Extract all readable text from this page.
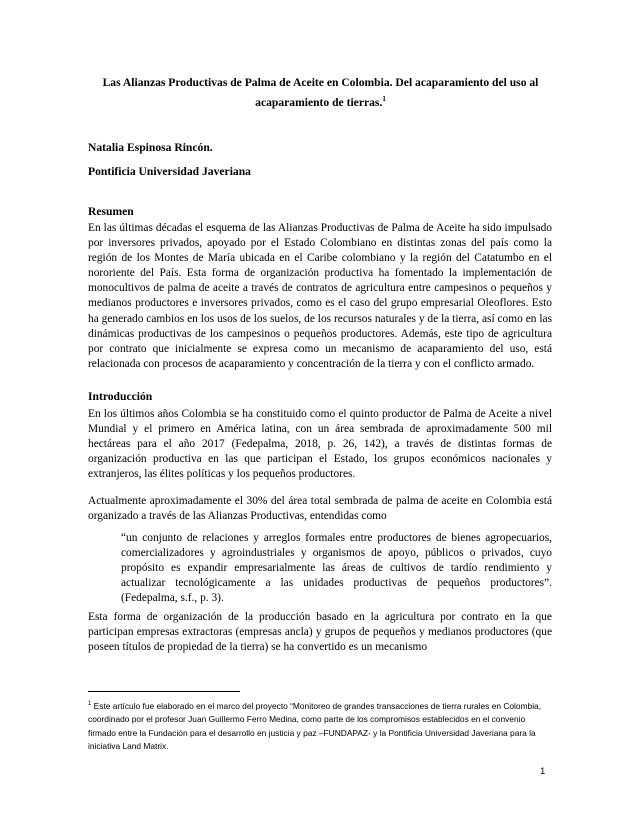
Las Alianzas Productivas de Palma de Aceite en Colombia. Del acaparamiento del uso al acaparamiento de tierras.$^1$
Natalia Espinosa Rincón.
Pontificia Universidad Javeriana
Resumen
En las últimas décadas el esquema de las Alianzas Productivas de Palma de Aceite ha sido impulsado por inversores privados, apoyado por el Estado Colombiano en distintas zonas del país como la región de los Montes de María ubicada en el Caribe colombiano y la región del Catatumbo en el nororiente del País. Esta forma de organización productiva ha fomentado la implementación de monocultivos de palma de aceite a través de contratos de agricultura entre campesinos o pequeños y medianos productores e inversores privados, como es el caso del grupo empresarial Oleoflores. Esto ha generado cambios en los usos de los suelos, de los recursos naturales y de la tierra, así como en las dinámicas productivas de los campesinos o pequeños productores. Además, este tipo de agricultura por contrato que inicialmente se expresa como un mecanismo de acaparamiento del uso, está relacionada con procesos de acaparamiento y concentración de la tierra y con el conflicto armado.
Introducción
En los últimos años Colombia se ha constituido como el quinto productor de Palma de Aceite a nivel Mundial y el primero en América latina, con un área sembrada de aproximadamente 500 mil hectáreas para el año 2017 (Fedepalma, 2018, p. 26, 142), a través de distintas formas de organización productiva en las que participan el Estado, los grupos económicos nacionales y extranjeros, las élites políticas y los pequeños productores.
Actualmente aproximadamente el 30% del área total sembrada de palma de aceite en Colombia está organizado a través de las Alianzas Productivas, entendidas como
“un conjunto de relaciones y arreglos formales entre productores de bienes agropecuarios, comercializadores y agroindustriales y organismos de apoyo, públicos o privados, cuyo propósito es expandir empresarialmente las áreas de cultivos de tardío rendimiento y actualizar tecnológicamente a las unidades productivas de pequeños productores”. (Fedepalma, s.f., p. 3).
Esta forma de organización de la producción basado en la agricultura por contrato en la que participan empresas extractoras (empresas ancla) y grupos de pequeños y medianos productores (que poseen títulos de propiedad de la tierra) se ha convertido es un mecanismo
$^1$ Este artículo fue elaborado en el marco del proyecto “Monitoreo de grandes transacciones de tierra rurales en Colombia, coordinado por el profesor Juan Guillermo Ferro Medina, como parte de los compromisos establecidos en el convenio firmado entre la Fundación para el desarrollo en justicia y paz –FUNDAPAZ- y la Pontificia Universidad Javeriana para la iniciativa Land Matrix.
1
